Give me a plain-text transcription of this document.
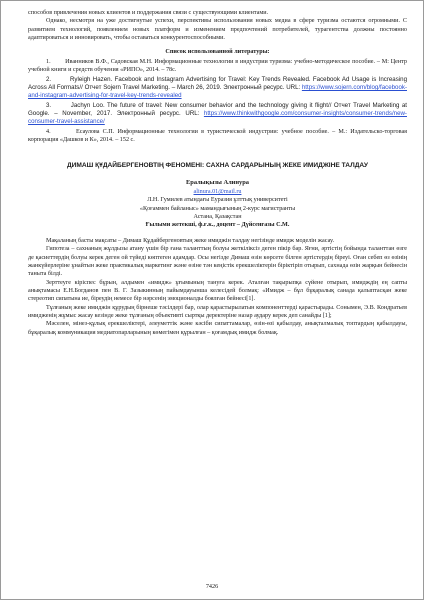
способов привлечения новых клиентов и поддержания связи с существующими клиентами.

Однако, несмотря на уже достигнутые успехи, перспективы использования новых медиа в сфере туризма остаются огромными. С развитием технологий, появлением новых платформ и изменением предпочтений потребителей, турагентства должны постоянно адаптироваться и инновировать, чтобы оставаться конкурентоспособными.

Список использованной литературы:

1.        Иванников В.Ф., Садовская М.Н. Информационные технологии в индустрии туризма: учебно-методическое пособие. – М: Центр учебной книги и средств обучения «РИПО», 2014. – 78с.

2.        Ryleigh Hazen. Facebook and Instagram Advertising for Travel: Key Trends Revealed. Facebook Ad Usage is Increasing Across All Formats// Отчет Sojern Travel Marketing. – March 26, 2019. Электронный ресурс. URL: https://www.sojern.com/blog/facebook-and-instagram-advertising-for-travel-key-trends-revealed

3.        Jachyn Loo. The future of travel: New consumer behavior and the technology giving it flight// Отчет Travel Marketing at Google. – November, 2017. Электронный ресурс. URL: https://www.thinkwithgoogle.com/consumer-insights/consumer-trends/new-consumer-travel-assistance/

4.        Есаулова С.П. Информационные технологии в туристической индустрии: учебное пособие. – М.: Издательско-торговая корпорация «Дашков и К», 2014. – 152 с.

ДИМАШ ҚҰДАЙБЕРГЕНОВТІҢ ФЕНОМЕНІ: САХНА САРДАРЫНЫҢ ЖЕКЕ ИМИДЖІНЕ ТАЛДАУ

Ералықызы Алинура

alinura.01@mail.ru

Л.Н. Гумилев атындағы Еуразия ұлттық университеті

«Қоғаммен байланыс» мамандығының 2-курс магистранты

Астана, Қазақстан

Ғылыми жетекші, ф.ғ.к., доцент – Дүйсенғазы С.М.

Мақаланың басты мақсаты – Димаш Құдайбергеновтың жеке имиджін талдау негізінде имидж моделін жасау.

Гипотеза – сахнаның жұлдызы атану үшін бір ғана таланттың болуы жеткіліксіз деген пікір бар. Яғни, әртістің бойында таланттан өзге де қасиеттердің болуы керек деген ой түйеді көптеген адамдар. Осы негізде Димаш өзін көрсете білген әртістердің біреуі. Оған себеп өз өзінің жанкүйерлеріне ұнайтын жеке практикалық маркетинг және өзіне тән кеңістік ерекшеліктерін біріктіріп отырып, сахнада өзін жарқын бейнесін таныта білді.

Зерттеуге кіріспес бұрын, алдымен «имидж» ұғымының тануға керек. Аталған тақырыпқа сүйене отырып, имидждің ең сапты анықтамасы Е.Н.Богданов пен В. Г. Зазыкинның пайымдауынша келесідей болмақ: «Имидж – бұл бұқаралық санада қалыптасқан жеке стереотип сипатына ие, біреудің немесе бір нәрсенің эмоционалды боялған бейнесі[1].

Тұлғаның жеке имиджін құрудың бірнеше тәсілдері бар, олар қарастырылатын компоненттерді қарастырады. Сонымен, Э.В. Кондратьев имидженің жұмыс жасау кезінде жеке тұлғаның объективті сыртқы деректеріне назар аудару керек деп санайды [1];

Мәселен, мінез-құлық ерекшеліктері, әлеуметтік және кәсіби сипаттамалар, өзін-өзі қабылдау, анықталмалық топтардың қабылдауы, бұқаралық коммуникация медиатопарларының көмегімен құрылған – қоғамдық имидж болмақ.

7426
